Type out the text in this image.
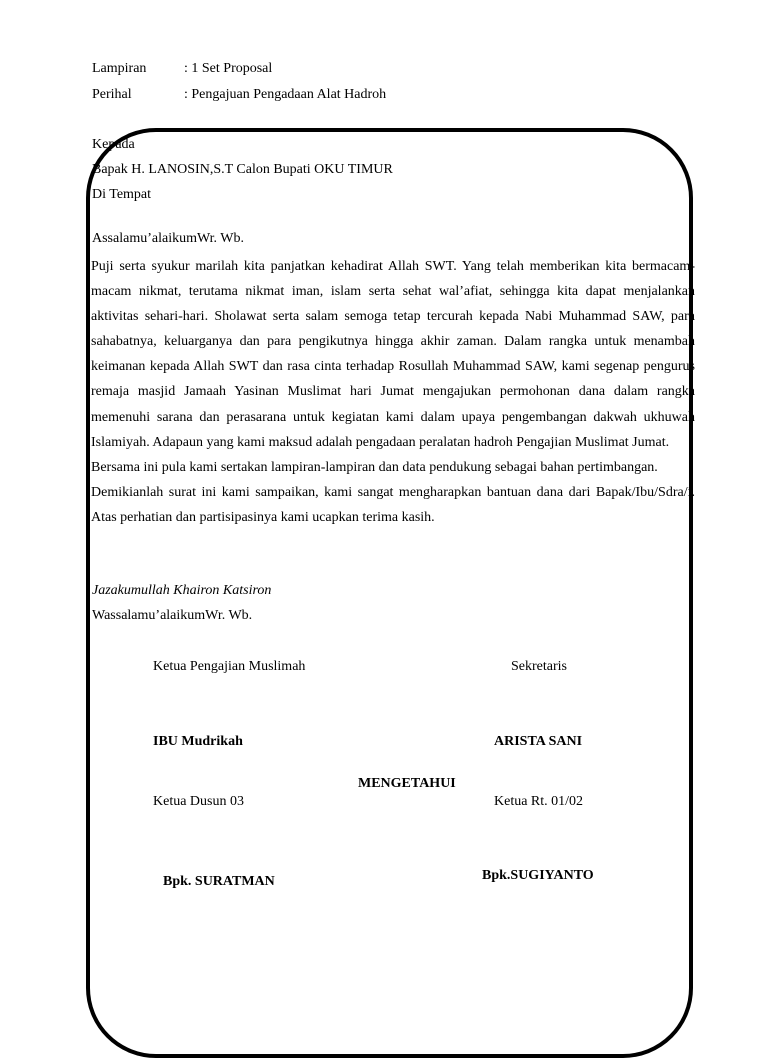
Lampiran	: 1 Set Proposal
Perihal	: Pengajuan Pengadaan Alat Hadroh
Kepada
Bapak H. LANOSIN,S.T Calon Bupati OKU TIMUR
Di Tempat
Assalamu’alaikumWr. Wb.

Puji serta syukur marilah kita panjatkan kehadirat Allah SWT. Yang telah memberikan kita bermacam-macam nikmat, terutama nikmat iman, islam serta sehat wal’afiat, sehingga kita dapat menjalankan aktivitas sehari-hari. Sholawat serta salam semoga tetap tercurah kepada Nabi Muhammad SAW, para sahabatnya, keluarganya dan para pengikutnya hingga akhir zaman. Dalam rangka untuk menambah keimanan kepada Allah SWT dan rasa cinta terhadap Rosullah Muhammad SAW, kami segenap pengurus remaja masjid Jamaah Yasinan Muslimat hari Jumat mengajukan permohonan dana dalam rangka memenuhi sarana dan perasarana untuk kegiatan kami dalam upaya pengembangan dakwah ukhuwah Islamiyah. Adapaun yang kami maksud adalah pengadaan peralatan hadroh Pengajian Muslimat Jumat.

Bersama ini pula kami sertakan lampiran-lampiran dan data pendukung sebagai bahan pertimbangan.

Demikianlah surat ini kami sampaikan, kami sangat mengharapkan bantuan dana dari Bapak/Ibu/Sdra/i. Atas perhatian dan partisipasinya kami ucapkan terima kasih.

Jazakumullah Khairon Katsiron
Wassalamu’alaikumWr. Wb.
Ketua Pengajian Muslimah	Sekretaris
IBU Mudrikah	ARISTA SANI
MENGETAHUI
Ketua Dusun 03	Ketua Rt. 01/02
Bpk. SURATMAN	Bpk.SUGIYANTO
